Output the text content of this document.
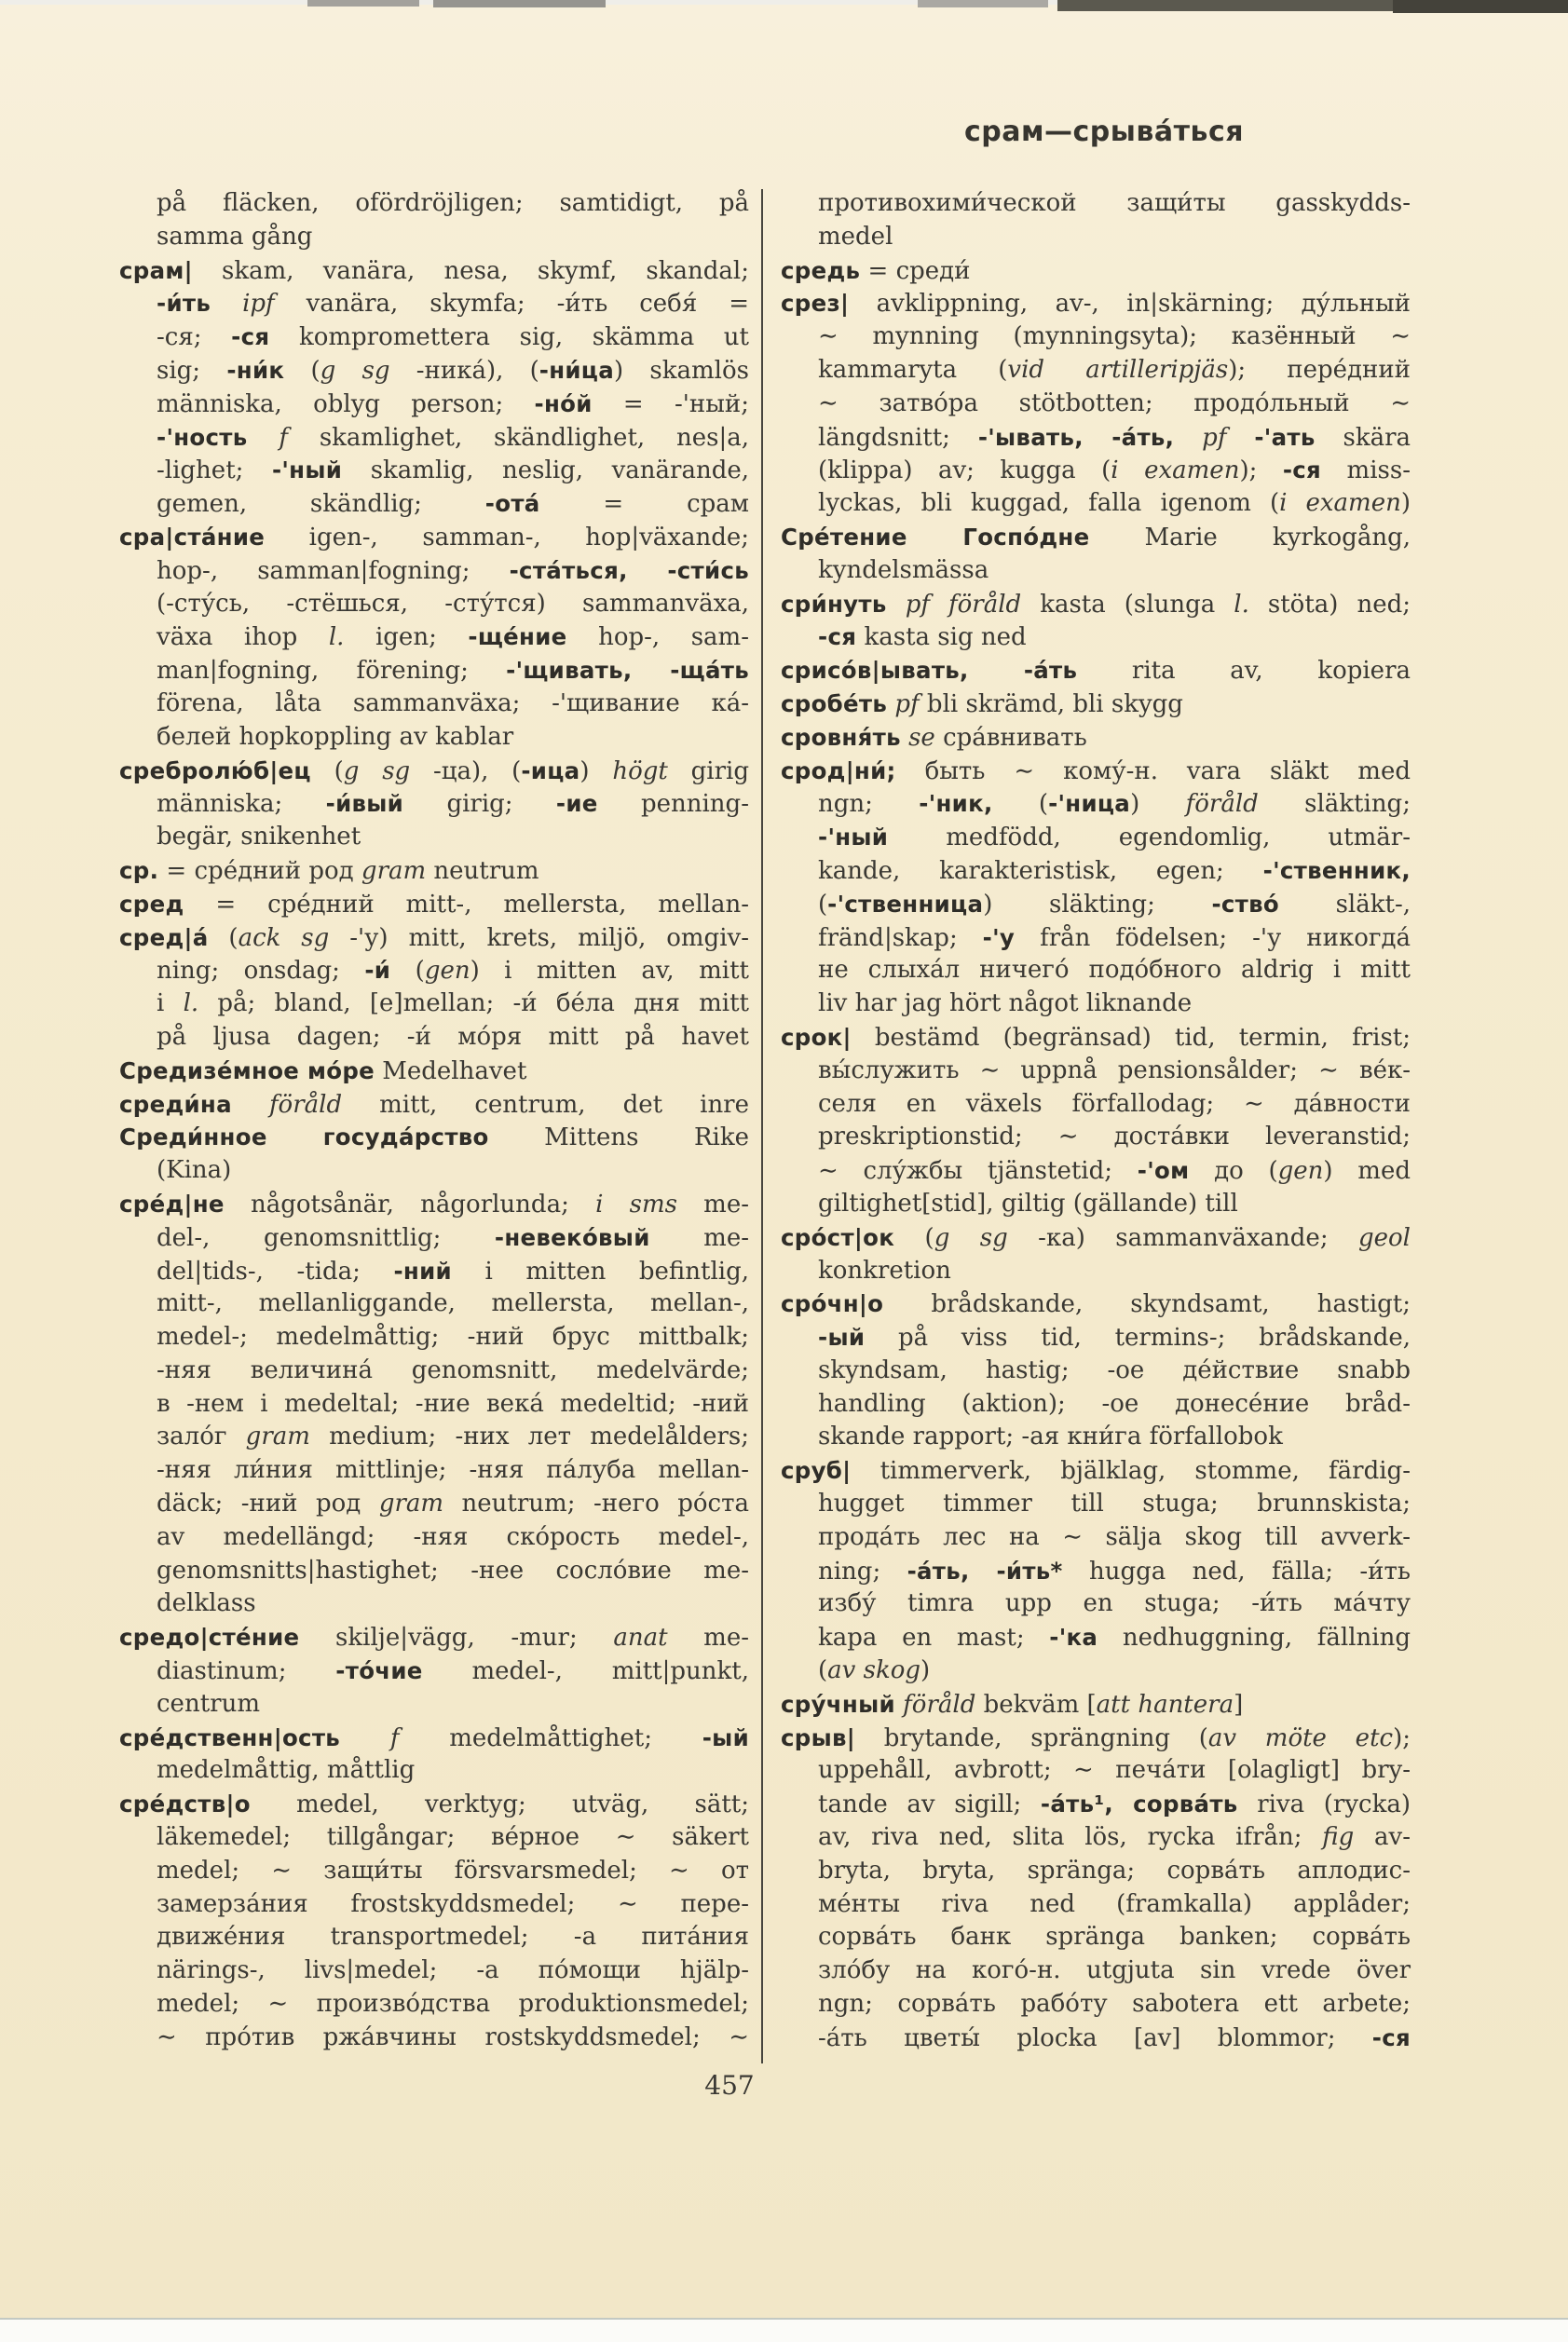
срам—срыва́ться
på fläcken, ofördröjligen; samtidigt, på
samma gång
срам| skam, vanära, nesa, skymf, skandal;
-и́ть ipf vanära, skymfa; -и́ть себя́ =
-ся; -ся kompromettera sig, skämma ut
sig; -ни́к (g sg -ника́), (-ни́ца) skamlös
människa, oblyg person; -но́й = -'ный;
-'ность f skamlighet, skändlighet, nes|a,
-lighet; -'ный skamlig, neslig, vanärande,
gemen, skändlig; -ота́ = срам
сра|ста́ние igen-, samman-, hop|växande;
hop-, samman|fogning; -ста́ться, -сти́сь
(-сту́сь, -стёшься, -сту́тся) sammanväxa,
växa ihop l. igen; -ще́ние hop-, sam-
man|fogning, förening; -'щивать, -ща́ть
förena, låta sammanväxa; -'щивание ка́-
белей hopkoppling av kablar
сребролю́б|ец (g sg -ца), (-ица) högt girig
människa; -и́вый girig; -ие penning-
begär, snikenhet
ср. = сре́дний род gram neutrum
сред = сре́дний mitt-, mellersta, mellan-
сред|а́ (ack sg -'у) mitt, krets, miljö, omgiv-
ning; onsdag; -и́ (gen) i mitten av, mitt
i l. på; bland, [e]mellan; -и́ бе́ла дня mitt
på ljusa dagen; -и́ мо́ря mitt på havet
Средизе́мное мо́ре Medelhavet
среди́на föråld mitt, centrum, det inre
Среди́нное госуда́рство Mittens Rike
(Kina)
сре́д|не någotsånär, någorlunda; i sms me-
del-, genomsnittlig; -невеко́вый me-
del|tids-, -tida; -ний i mitten befintlig,
mitt-, mellanliggande, mellersta, mellan-,
medel-; medelmåttig; -ний брус mittbalk;
-няя величина́ genomsnitt, medelvärde;
в -нем i medeltal; -ние века́ medeltid; -ний
зало́г gram medium; -них лет medelålders;
-няя ли́ния mittlinje; -няя па́луба mellan-
däck; -ний род gram neutrum; -него ро́ста
av medellängd; -няя ско́рость medel-,
genomsnitts|hastighet; -нее сосло́вие me-
delklass
средо|сте́ние skilje|vägg, -mur; anat me-
diastinum; -то́чие medel-, mitt|punkt,
centrum
сре́дственн|ость f medelmåttighet; -ый
medelmåttig, måttlig
сре́дств|о medel, verktyg; utväg, sätt;
läkemedel; tillgångar; ве́рное ∼ säkert
medel; ∼ защи́ты försvarsmedel; ∼ от
замерза́ния frostskyddsmedel; ∼ пере-
движе́ния transportmedel; -а пита́ния
närings-, livs|medel; -а по́мощи hjälp-
medel; ∼ произво́дства produktionsmedel;
∼ про́тив ржа́вчины rostskyddsmedel; ∼
противохими́ческой защи́ты gasskydds-
medel
средь = среди́
срез| avklippning, av-, in|skärning; ду́льный
∼ mynning (mynningsyta); казённый ∼
kammaryta (vid artilleripjäs); пере́дний
∼ затво́ра stötbotten; продо́льный ∼
längdsnitt; -'ывать, -а́ть, pf -'ать skära
(klippa) av; kugga (i examen); -ся miss-
lyckas, bli kuggad, falla igenom (i examen)
Сре́тение Госпо́дне Marie kyrkogång,
kyndelsmässa
сри́нуть pf föråld kasta (slunga l. stöta) ned;
-ся kasta sig ned
срисо́в|ывать, -а́ть rita av, kopiera
сробе́ть pf bli skrämd, bli skygg
сровня́ть se сра́внивать
срод|ни́; быть ∼ кому́-н. vara släkt med
ngn; -'ник, (-'ница) föråld släkting;
-'ный medfödd, egendomlig, utmär-
kande, karakteristisk, egen; -'ственник,
(-'ственница) släkting; -ство́ släkt-,
fränd|skap; -'у från födelsen; -'у никогда́
не слыха́л ничего́ подо́бного aldrig i mitt
liv har jag hört något liknande
срок| bestämd (begränsad) tid, termin, frist;
вы́служить ∼ uppnå pensionsålder; ∼ ве́к-
селя en växels förfallodag; ∼ да́вности
preskriptionstid; ∼ доста́вки leveranstid;
∼ слу́жбы tjänstetid; -'ом до (gen) med
giltighet[stid], giltig (gällande) till
сро́ст|ок (g sg -ка) sammanväxande; geol
konkretion
сро́чн|о brådskande, skyndsamt, hastigt;
-ый på viss tid, termins-; brådskande,
skyndsam, hastig; -ое де́йствие snabb
handling (aktion); -ое донесе́ние bråd-
skande rapport; -ая кни́га förfallobok
сруб| timmerverk, bjälklag, stomme, färdig-
hugget timmer till stuga; brunnskista;
прода́ть лес на ∼ sälja skog till avverk-
ning; -а́ть, -и́ть* hugga ned, fälla; -и́ть
избу́ timra upp en stuga; -и́ть ма́чту
kapa en mast; -'ка nedhuggning, fällning
(av skog)
сру́чный föråld bekväm [att hantera]
срыв| brytande, sprängning (av möte etc);
uppehåll, avbrott; ∼ печа́ти [olagligt] bry-
tande av sigill; -а́ть¹, сорва́ть riva (rycka)
av, riva ned, slita lös, rycka ifrån; fig av-
bryta, bryta, spränga; сорва́ть аплодис-
ме́нты riva ned (framkalla) applåder;
сорва́ть банк spränga banken; сорва́ть
зло́бу на кого́-н. utgjuta sin vrede över
ngn; сорва́ть рабо́ту sabotera ett arbete;
-а́ть цветы́ plocka [av] blommor; -ся
457
